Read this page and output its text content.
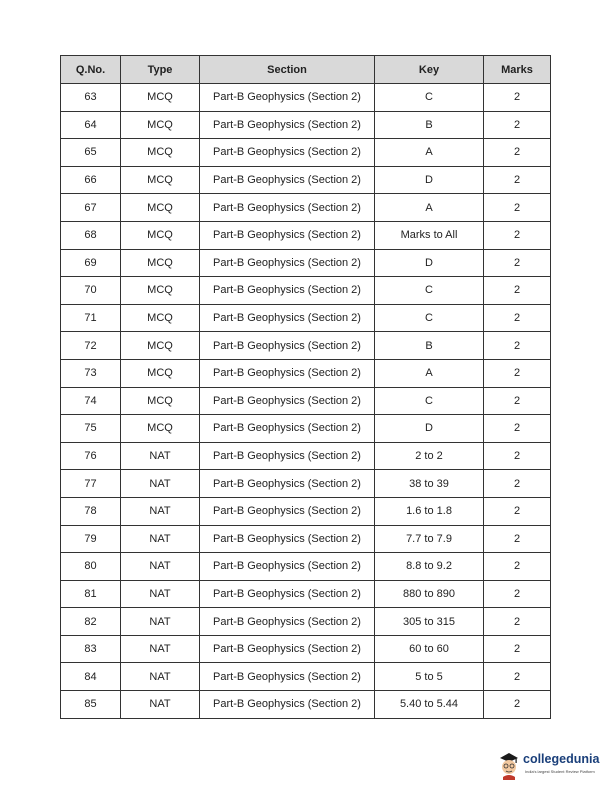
Q.No.	Type	Section	Key	Marks
63	MCQ	Part-B Geophysics (Section 2)	C	2
64	MCQ	Part-B Geophysics (Section 2)	B	2
65	MCQ	Part-B Geophysics (Section 2)	A	2
66	MCQ	Part-B Geophysics (Section 2)	D	2
67	MCQ	Part-B Geophysics (Section 2)	A	2
68	MCQ	Part-B Geophysics (Section 2)	Marks to All	2
69	MCQ	Part-B Geophysics (Section 2)	D	2
70	MCQ	Part-B Geophysics (Section 2)	C	2
71	MCQ	Part-B Geophysics (Section 2)	C	2
72	MCQ	Part-B Geophysics (Section 2)	B	2
73	MCQ	Part-B Geophysics (Section 2)	A	2
74	MCQ	Part-B Geophysics (Section 2)	C	2
75	MCQ	Part-B Geophysics (Section 2)	D	2
76	NAT	Part-B Geophysics (Section 2)	2 to 2	2
77	NAT	Part-B Geophysics (Section 2)	38 to 39	2
78	NAT	Part-B Geophysics (Section 2)	1.6 to 1.8	2
79	NAT	Part-B Geophysics (Section 2)	7.7 to 7.9	2
80	NAT	Part-B Geophysics (Section 2)	8.8 to 9.2	2
81	NAT	Part-B Geophysics (Section 2)	880 to 890	2
82	NAT	Part-B Geophysics (Section 2)	305 to 315	2
83	NAT	Part-B Geophysics (Section 2)	60 to 60	2
84	NAT	Part-B Geophysics (Section 2)	5 to 5	2
85	NAT	Part-B Geophysics (Section 2)	5.40 to 5.44	2
collegedunia
India's largest Student Review Platform
